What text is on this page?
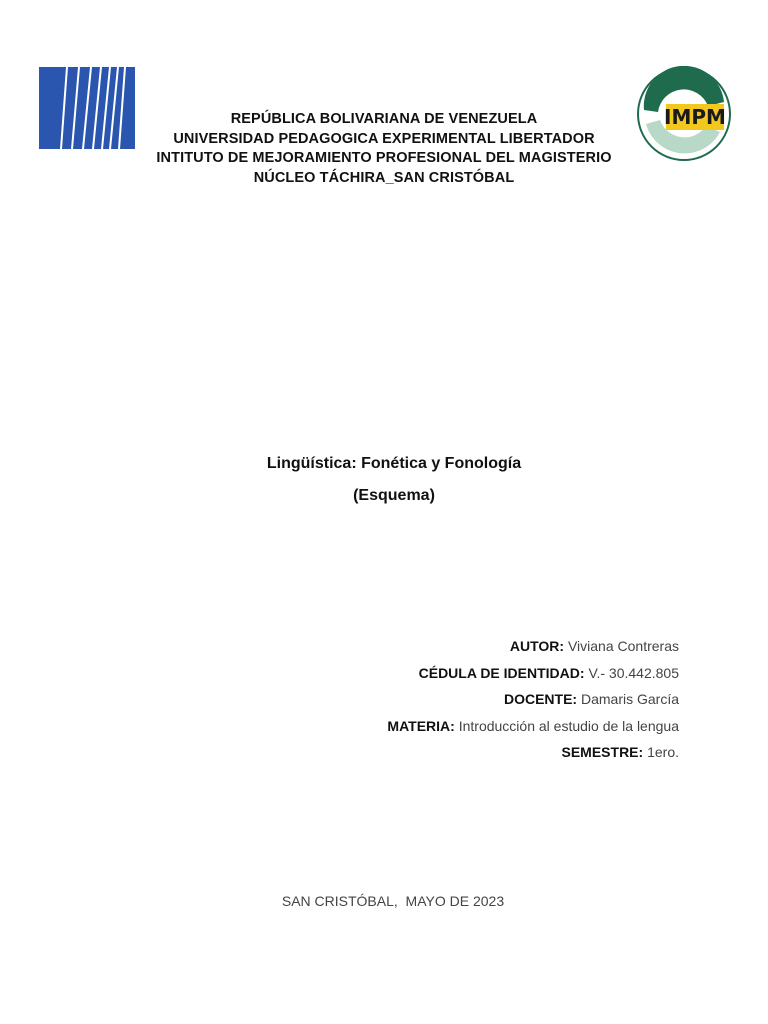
IMPM
REPÚBLICA BOLIVARIANA DE VENEZUELA
UNIVERSIDAD PEDAGOGICA EXPERIMENTAL LIBERTADOR
INTITUTO DE MEJORAMIENTO PROFESIONAL DEL MAGISTERIO
NÚCLEO TÁCHIRA_SAN CRISTÓBAL
Lingüística: Fonética y Fonología
(Esquema)
AUTOR: Viviana Contreras
CÉDULA DE IDENTIDAD: V.- 30.442.805
DOCENTE: Damaris García
MATERIA: Introducción al estudio de la lengua
SEMESTRE: 1ero.
SAN CRISTÓBAL,  MAYO DE 2023
